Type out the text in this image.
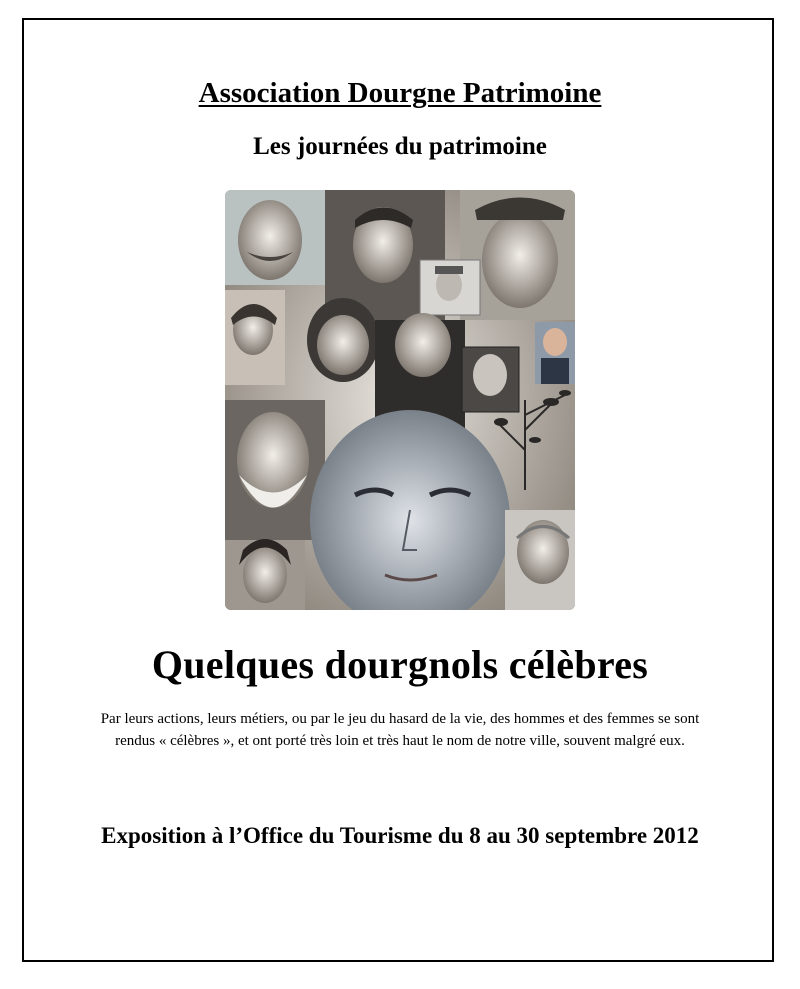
Association Dourgne Patrimoine
Les journées du patrimoine
Quelques dourgnols célèbres
Par leurs actions, leurs métiers, ou par le jeu du hasard de la vie, des hommes et des femmes se sont rendus « célèbres », et ont porté très loin et très haut le nom de notre ville, souvent malgré eux.
Exposition à l’Office du Tourisme du 8 au 30 septembre 2012
